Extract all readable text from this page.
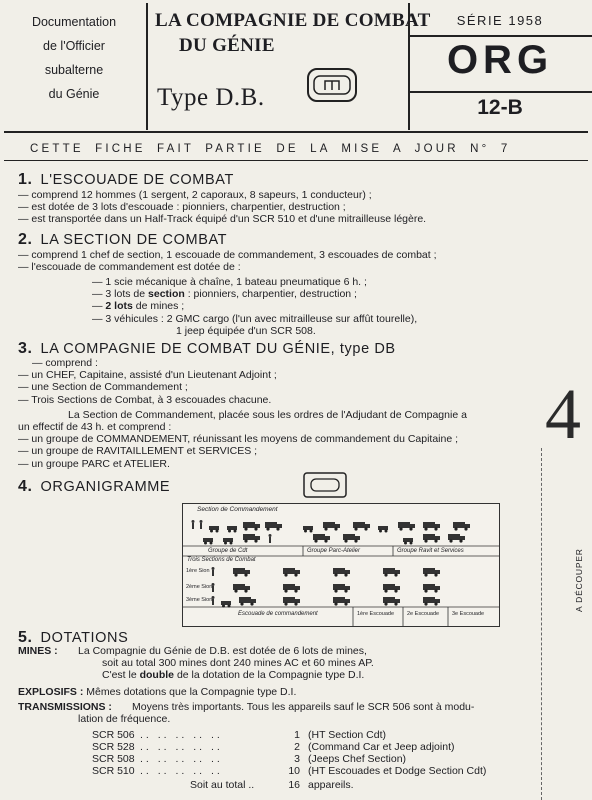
Documentation
de l'Officier
subalterne
du Génie
LA COMPAGNIE DE COMBAT
DU GÉNIE
Type D.B.
SÉRIE 1958
ORG
12-B
CETTE FICHE FAIT PARTIE DE LA MISE A JOUR N° 7
1. L'ESCOUADE DE COMBAT
— comprend 12 hommes (1 sergent, 2 caporaux, 8 sapeurs, 1 conducteur) ;
— est dotée de 3 lots d'escouade : pionniers, charpentier, destruction ;
— est transportée dans un Half-Track équipé d'un SCR 510 et d'une mitrailleuse légère.
2. LA SECTION DE COMBAT
— comprend 1 chef de section, 1 escouade de commandement, 3 escouades de combat ;
— l'escouade de commandement est dotée de :
— 1 scie mécanique à chaîne, 1 bateau pneumatique 6 h. ;
— 3 lots de section : pionniers, charpentier, destruction ;
— 2 lots de mines ;
— 3 véhicules : 2 GMC cargo (l'un avec mitrailleuse sur affût tourelle),
1 jeep équipée d'un SCR 508.
3. LA COMPAGNIE DE COMBAT DU GÉNIE, type DB
— comprend :
— un CHEF, Capitaine, assisté d'un Lieutenant Adjoint ;
— une Section de Commandement ;
— Trois Sections de Combat, à 3 escouades chacune.
La Section de Commandement, placée sous les ordres de l'Adjudant de Compagnie a
un effectif de 43 h. et comprend :
— un groupe de COMMANDEMENT, réunissant les moyens de commandement du Capitaine ;
— un groupe de RAVITAILLEMENT et SERVICES ;
— un groupe PARC et ATELIER.
4. ORGANIGRAMME
Section de Commandement
Groupe de Cdt	Groupe Parc-Atelier	Groupe Ravit et Services
Trois Sections de Combat
1ère Sion
2ème Sion
3ème Sion
Escouade de commandement	1ère Escouade 2e Escouade 3e Escouade
5. DOTATIONS
MINES : La Compagnie du Génie de D.B. est dotée de 6 lots de mines,
soit au total 300 mines dont 240 mines AC et 60 mines AP.
C'est le double de la dotation de la Compagnie type D.I.
EXPLOSIFS : Mêmes dotations que la Compagnie type D.I.
TRANSMISSIONS : Moyens très importants. Tous les appareils sauf le SCR 506 sont à modu-
lation de fréquence.
SCR 506 .. .. .. .. ..	1 (HT Section Cdt)
SCR 528 .. .. .. .. ..	2 (Command Car et Jeep adjoint)
SCR 508 .. .. .. .. ..	3 (Jeeps Chef Section)
SCR 510 .. .. .. .. ..	10 (HT Escouades et Dodge Section Cdt)
Soit au total ..	16 appareils.
4
A DÉCOUPER
